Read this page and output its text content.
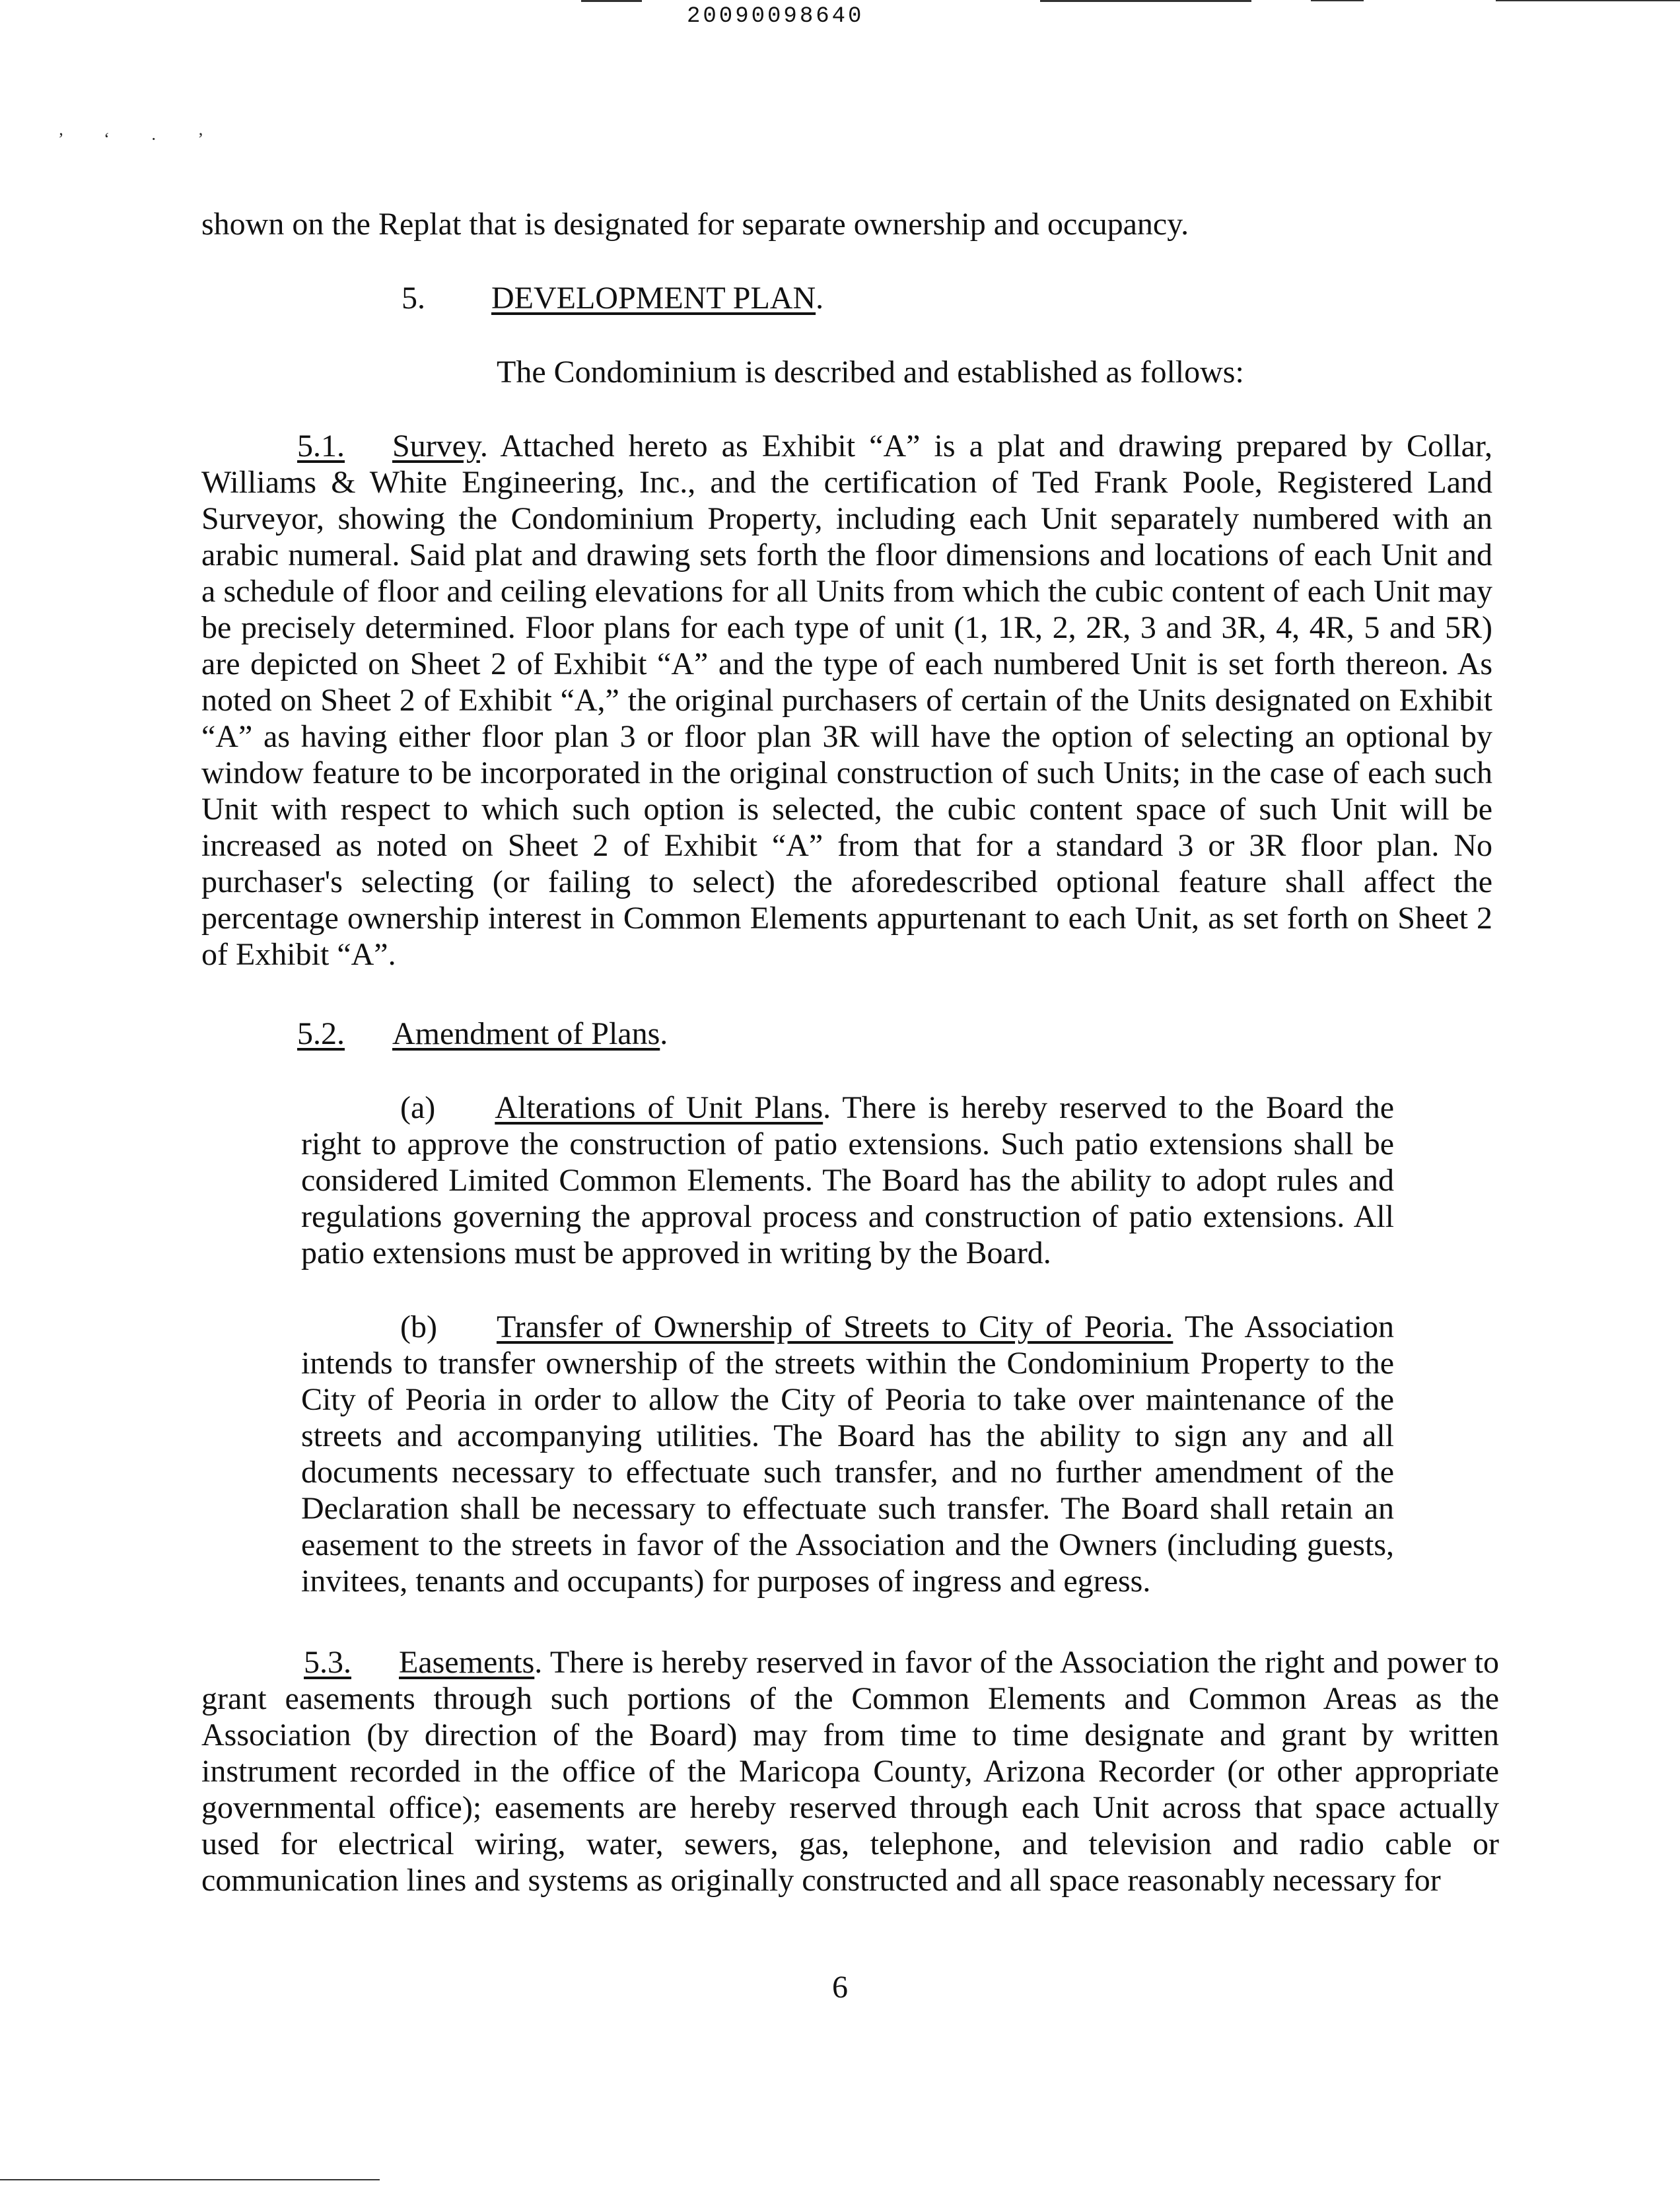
20090098640
’ ‘ · ’
shown on the Replat that is designated for separate ownership and occupancy.
5. DEVELOPMENT PLAN.
The Condominium is described and established as follows:

5.1. Survey. Attached hereto as Exhibit “A” is a plat and drawing prepared by Collar, Williams & White Engineering, Inc., and the certification of Ted Frank Poole, Registered Land Surveyor, showing the Condominium Property, including each Unit separately numbered with an arabic numeral. Said plat and drawing sets forth the floor dimensions and locations of each Unit and a schedule of floor and ceiling elevations for all Units from which the cubic content of each Unit may be precisely determined. Floor plans for each type of unit (1, 1R, 2, 2R, 3 and 3R, 4, 4R, 5 and 5R) are depicted on Sheet 2 of Exhibit “A” and the type of each numbered Unit is set forth thereon. As noted on Sheet 2 of Exhibit “A,” the original purchasers of certain of the Units designated on Exhibit “A” as having either floor plan 3 or floor plan 3R will have the option of selecting an optional by window feature to be incorporated in the original construction of such Units; in the case of each such Unit with respect to which such option is selected, the cubic content space of such Unit will be increased as noted on Sheet 2 of Exhibit “A” from that for a standard 3 or 3R floor plan. No purchaser's selecting (or failing to select) the aforedescribed optional feature shall affect the percentage ownership interest in Common Elements appurtenant to each Unit, as set forth on Sheet 2 of Exhibit “A”.

5.2. Amendment of Plans.

(a) Alterations of Unit Plans. There is hereby reserved to the Board the right to approve the construction of patio extensions. Such patio extensions shall be considered Limited Common Elements. The Board has the ability to adopt rules and regulations governing the approval process and construction of patio extensions. All patio extensions must be approved in writing by the Board.

(b) Transfer of Ownership of Streets to City of Peoria. The Association intends to transfer ownership of the streets within the Condominium Property to the City of Peoria in order to allow the City of Peoria to take over maintenance of the streets and accompanying utilities. The Board has the ability to sign any and all documents necessary to effectuate such transfer, and no further amendment of the Declaration shall be necessary to effectuate such transfer. The Board shall retain an easement to the streets in favor of the Association and the Owners (including guests, invitees, tenants and occupants) for purposes of ingress and egress.

5.3. Easements. There is hereby reserved in favor of the Association the right and power to grant easements through such portions of the Common Elements and Common Areas as the Association (by direction of the Board) may from time to time designate and grant by written instrument recorded in the office of the Maricopa County, Arizona Recorder (or other appropriate governmental office); easements are hereby reserved through each Unit across that space actually used for electrical wiring, water, sewers, gas, telephone, and television and radio cable or communication lines and systems as originally constructed and all space reasonably necessary for

6
